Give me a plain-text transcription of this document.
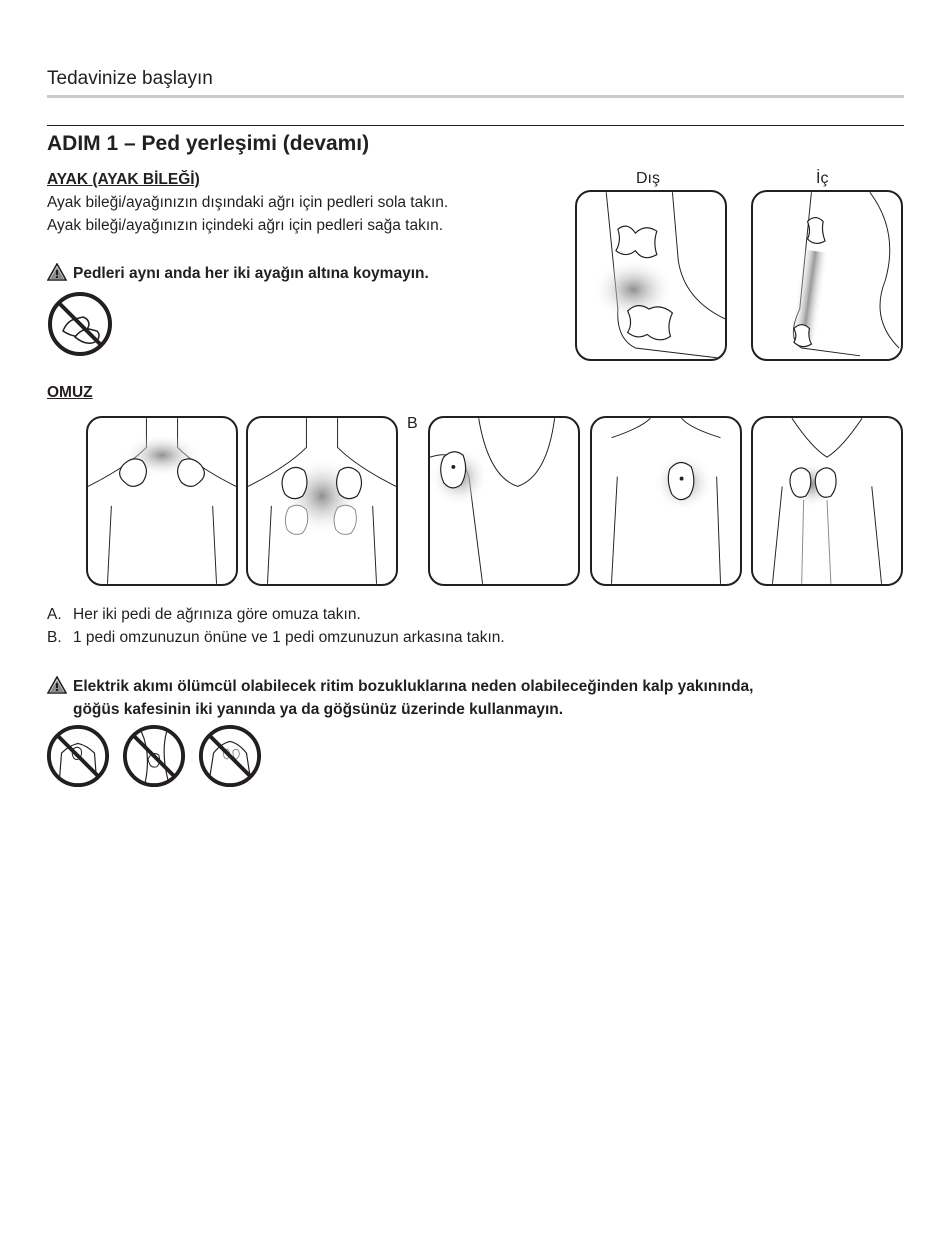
Tedavinize başlayın
ADIM 1 – Ped yerleşimi (devamı)
AYAK (AYAK BİLEĞİ)
Ayak bileği/ayağınızın dışındaki ağrı için pedleri sola takın.
Ayak bileği/ayağınızın içindeki ağrı için pedleri sağa takın.
Pedleri aynı anda her iki ayağın altına koymayın.
Dış	İç
OMUZ
B
A. Her iki pedi de ağrınıza göre omuza takın.
B. 1 pedi omzunuzun önüne ve 1 pedi omzunuzun arkasına takın.
Elektrik akımı ölümcül olabilecek ritim bozukluklarına neden olabileceğinden kalp yakınında,
göğüs kafesinin iki yanında ya da göğsünüz üzerinde kullanmayın.
